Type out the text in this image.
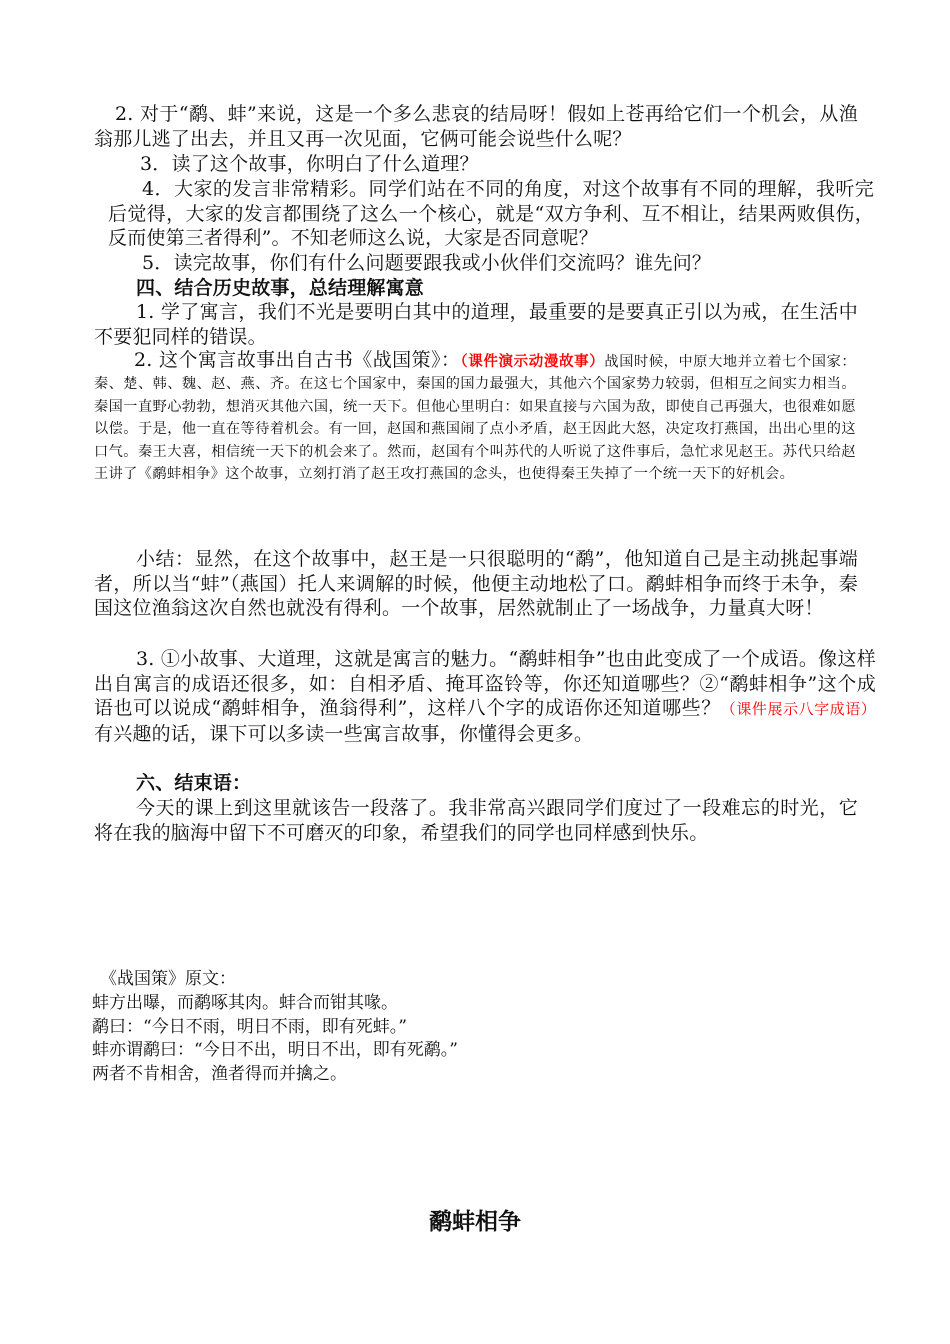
2. 对于“鹬、蚌”来说，这是一个多么悲哀的结局呀！假如上苍再给它们一个机会，从渔翁那儿逃了出去，并且又再一次见面，它俩可能会说些什么呢？

3．读了这个故事，你明白了什么道理？

4．大家的发言非常精彩。同学们站在不同的角度，对这个故事有不同的理解，我听完后觉得，大家的发言都围绕了这么一个核心，就是“双方争利、互不相让，结果两败俱伤，反而使第三者得利”。不知老师这么说，大家是否同意呢？

5．读完故事，你们有什么问题要跟我或小伙伴们交流吗？谁先问？

四、结合历史故事，总结理解寓意

1. 学了寓言，我们不光是要明白其中的道理，最重要的是要真正引以为戒，在生活中不要犯同样的错误。

2. 这个寓言故事出自古书《战国策》：（课件演示动漫故事）战国时候，中原大地并立着七个国家：秦、楚、韩、魏、赵、燕、齐。在这七个国家中，秦国的国力最强大，其他六个国家势力较弱，但相互之间实力相当。秦国一直野心勃勃，想消灭其他六国，统一天下。但他心里明白：如果直接与六国为敌，即使自己再强大，也很难如愿以偿。于是，他一直在等待着机会。有一回，赵国和燕国闹了点小矛盾，赵王因此大怒，决定攻打燕国，出出心里的这口气。秦王大喜，相信统一天下的机会来了。然而，赵国有个叫苏代的人听说了这件事后，急忙求见赵王。苏代只给赵王讲了《鹬蚌相争》这个故事，立刻打消了赵王攻打燕国的念头，也使得秦王失掉了一个统一天下的好机会。

小结：显然，在这个故事中，赵王是一只很聪明的“鹬”，他知道自己是主动挑起事端者，所以当“蚌”（燕国）托人来调解的时候，他便主动地松了口。鹬蚌相争而终于未争，秦国这位渔翁这次自然也就没有得利。一个故事，居然就制止了一场战争，力量真大呀！

3. ①小故事、大道理，这就是寓言的魅力。“鹬蚌相争”也由此变成了一个成语。像这样出自寓言的成语还很多，如：自相矛盾、掩耳盗铃等，你还知道哪些？②“鹬蚌相争”这个成语也可以说成“鹬蚌相争，渔翁得利”，这样八个字的成语你还知道哪些？（课件展示八字成语）有兴趣的话，课下可以多读一些寓言故事，你懂得会更多。

六、结束语：

今天的课上到这里就该告一段落了。我非常高兴跟同学们度过了一段难忘的时光，它将在我的脑海中留下不可磨灭的印象，希望我们的同学也同样感到快乐。

《战国策》原文：

蚌方出曝，而鹬啄其肉。蚌合而钳其喙。

鹬曰：“今日不雨，明日不雨，即有死蚌。”

蚌亦谓鹬曰：“今日不出，明日不出，即有死鹬。”

两者不肯相舍，渔者得而并擒之。

鹬蚌相争
